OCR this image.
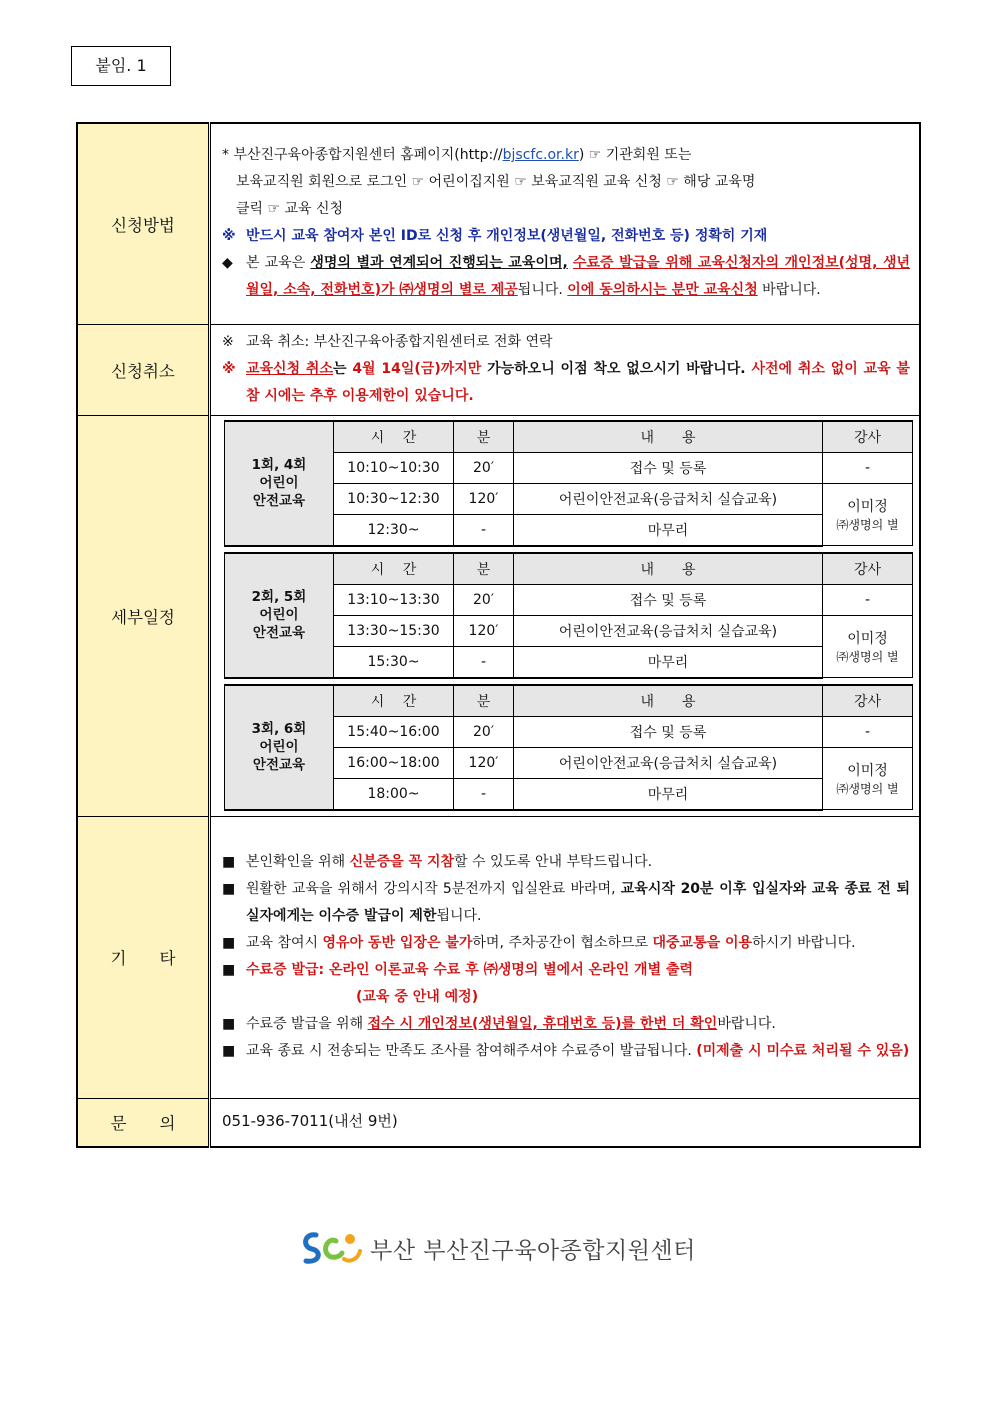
붙임. 1
신청방법	
* 부산진구육아종합지원센터 홈페이지(http://bjscfc.or.kr) ☞ 기관회원 또는
보육교직원 회원으로 로그인 ☞ 어린이집지원 ☞ 보육교직원 교육 신청 ☞ 해당 교육명
클릭 ☞ 교육 신청
※ 반드시 교육 참여자 본인 ID로 신청 후 개인정보(생년월일, 전화번호 등) 정확히 기재
◆ 본 교육은 생명의 별과 연계되어 진행되는 교육이며, 수료증 발급을 위해 교육신청자의 개인정보(성명, 생년월일, 소속, 전화번호)가 ㈜생명의 별로 제공됩니다. 이에 동의하시는 분만 교육신청 바랍니다.

신청취소	
※ 교육 취소: 부산진구육아종합지원센터로 전화 연락
※ 교육신청 취소는 4월 14일(금)까지만 가능하오니 이점 착오 없으시기 바랍니다. 사전에 취소 없이 교육 불참 시에는 추후 이용제한이 있습니다.

세부일정	
1회, 4회
어린이
안전교육	시　 간	분	내　　용	강사
10:10~10:30	20′	접수 및 등록	-
10:30~12:30	120′	어린이안전교육(응급처치 실습교육)	이미정
㈜생명의 별

12:30~	-	마무리
2회, 5회
어린이
안전교육	시　 간	분	내　　용	강사
13:10~13:30	20′	접수 및 등록	-
13:30~15:30	120′	어린이안전교육(응급처치 실습교육)	이미정
㈜생명의 별

15:30~	-	마무리
3회, 6회
어린이
안전교육	시　 간	분	내　　용	강사
15:40~16:00	20′	접수 및 등록	-
16:00~18:00	120′	어린이안전교육(응급처치 실습교육)	이미정
㈜생명의 별

18:00~	-	마무리

기　　타	
■ 본인확인을 위해 신분증을 꼭 지참할 수 있도록 안내 부탁드립니다.
■ 원활한 교육을 위해서 강의시작 5분전까지 입실완료 바라며, 교육시작 20분 이후 입실자와 교육 종료 전 퇴실자에게는 이수증 발급이 제한됩니다.
■ 교육 참여시 영유아 동반 입장은 불가하며, 주차공간이 협소하므로 대중교통을 이용하시기 바랍니다.
■ 수료증 발급: 온라인 이론교육 수료 후 ㈜생명의 별에서 온라인 개별 출력
(교육 중 안내 예정)
■ 수료증 발급을 위해 접수 시 개인정보(생년월일, 휴대번호 등)를 한번 더 확인바랍니다.
■ 교육 종료 시 전송되는 만족도 조사를 참여해주셔야 수료증이 발급됩니다. (미제출 시 미수료 처리될 수 있음)

문　　의	051-936-7011(내선 9번)
부산 부산진구육아종합지원센터
